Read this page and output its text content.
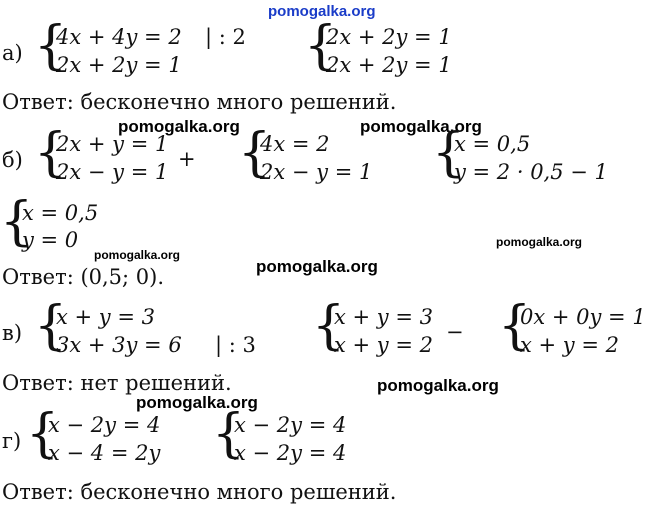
pomogalka.org
pomogalka.org	pomogalka.org
pomogalka.org
pomogalka.org
pomogalka.org
pomogalka.org
pomogalka.org
а) {
4x + 4y = 2
2x + 2y = 1
| : 2 {
2x + 2y = 1
2x + 2y = 1
Ответ: бесконечно много решений.
б) {
2x + y = 1
2x − y = 1
+ {
4x = 2
2x − y = 1 {
x = 0,5
y = 2 · 0,5 − 1
{
x = 0,5
y = 0
Ответ: (0,5; 0).
в) {
x + y = 3
3x + 3y = 6 | : 3 {
x + y = 3
x + y = 2
− {
0x + 0y = 1
x + y = 2
Ответ: нет решений.
г) {
x − 2y = 4
x − 4 = 2y {
x − 2y = 4
x − 2y = 4
Ответ: бесконечно много решений.
